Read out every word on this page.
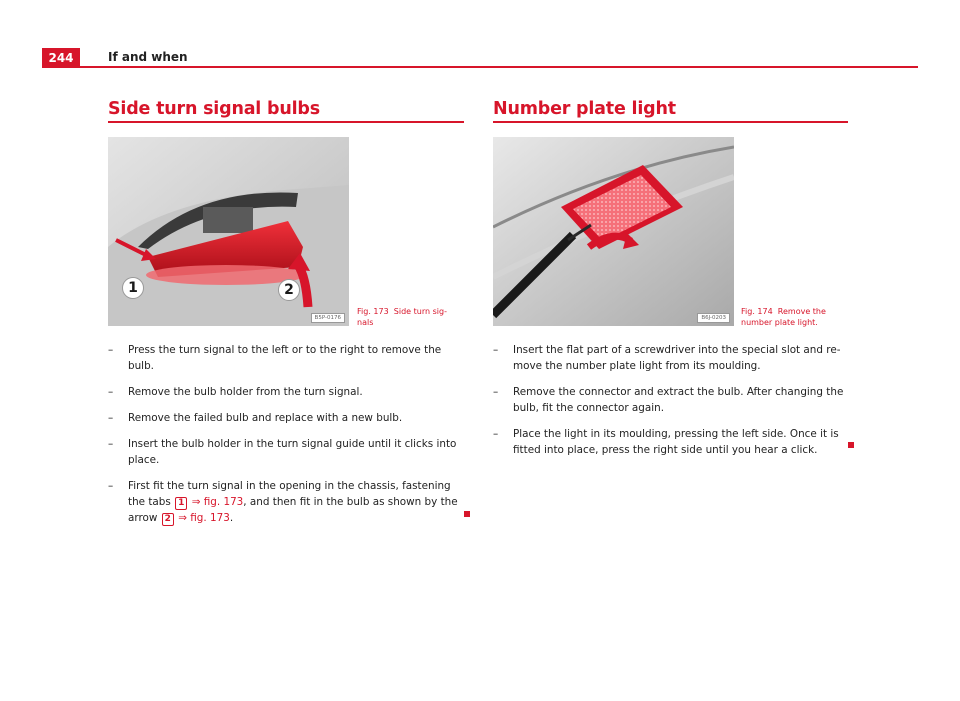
244	If and when
Side turn signal bulbs
1	2
B5P-0176
Fig. 173 Side turn sig-nals
– Press the turn signal to the left or to the right to remove the bulb.
– Remove the bulb holder from the turn signal.
– Remove the failed bulb and replace with a new bulb.
– Insert the bulb holder in the turn signal guide until it clicks into place.
– First fit the turn signal in the opening in the chassis, fastening the tabs 1 ⇒ fig. 173, and then fit in the bulb as shown by the arrow 2 ⇒ fig. 173.
Number plate light
B6J-0203
Fig. 174 Remove the number plate light.
– Insert the flat part of a screwdriver into the special slot and re-move the number plate light from its moulding.
– Remove the connector and extract the bulb. After changing the bulb, fit the connector again.
– Place the light in its moulding, pressing the left side. Once it is fitted into place, press the right side until you hear a click.
